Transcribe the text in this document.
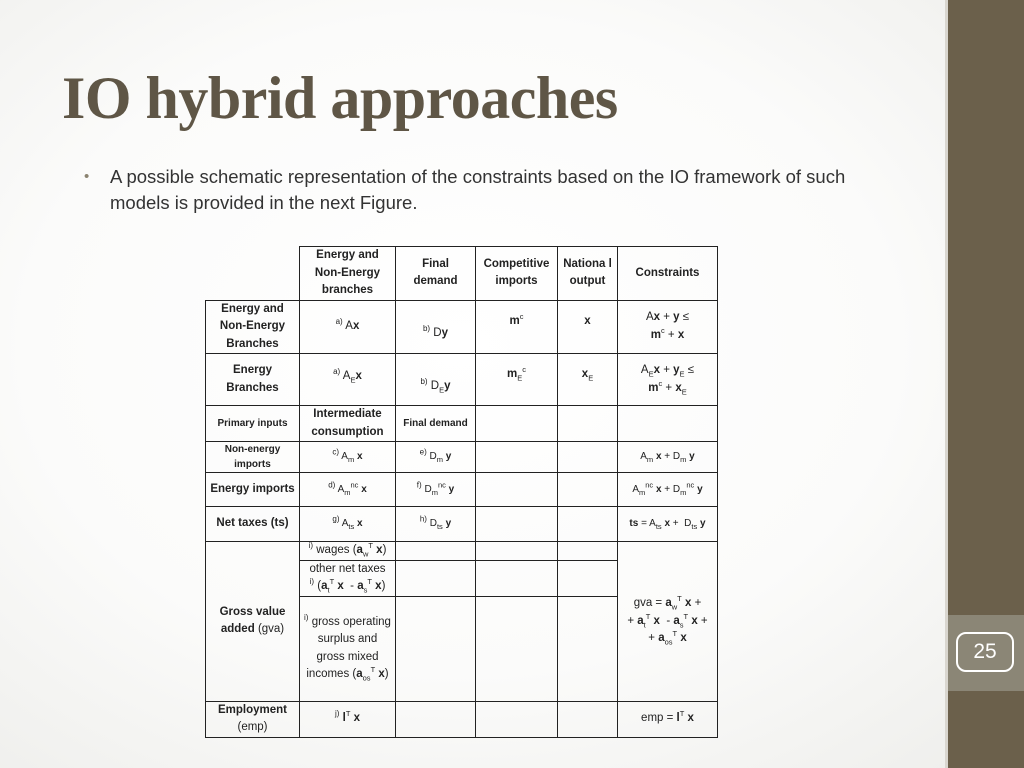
IO hybrid approaches
• A possible schematic representation of the constraints based on the IO framework of such models is provided in the next Figure.
	Energy and Non-Energy branches	Final demand	Competitive imports	Nationa l output	Constraints
Energy and Non-Energy Branches	$^{a)}$ Ax	$^{b)}$ Dy	$m^c$	x	Ax + y ≤
$m^c + x$
Energy Branches	$^{a)}$ $A_Ex$	$^{b)}$ $D_Ey$	$m_E^c$	$x_E$	$A_Ex + y_E$ ≤
$m^c + x_E$
Primary inputs	Intermediate consumption	Final demand			
Non-energy imports	$^{c)}$ $A_m$ x	$^{e)}$ $D_m$ y			$A_m$ $x + D_m$ y
Energy imports	$^{d)}$ $A_m^{nc}$ x	$^{f)}$ $D_m^{nc}$ y			$A_m^{nc}$ $x + D_m^{nc}$ y
Net taxes (ts)	$^{g)}$ $A_{ts}$ x	$^{h)}$ $D_{ts}$ y			ts = $A_{ts}$ $x + D_{ts}$ y
Gross value added (gva)	$^{i)}$ wages ($a_w^T$ x)				gva = $a_w^T$ x +
+ $a_t^T$ x  - $a_s^T$ x +
+ $a_{os}^T$ x
	other net taxes
$^{i)}$ ($a_t^T$ x  - $a_s^T$ x)				
	$^{i)}$ gross operating surplus and gross mixed incomes ($a_{os}^T$ x)				
Employment
(emp)	$^{j)}$ $l^T$ x				emp = $l^T$ x
25
